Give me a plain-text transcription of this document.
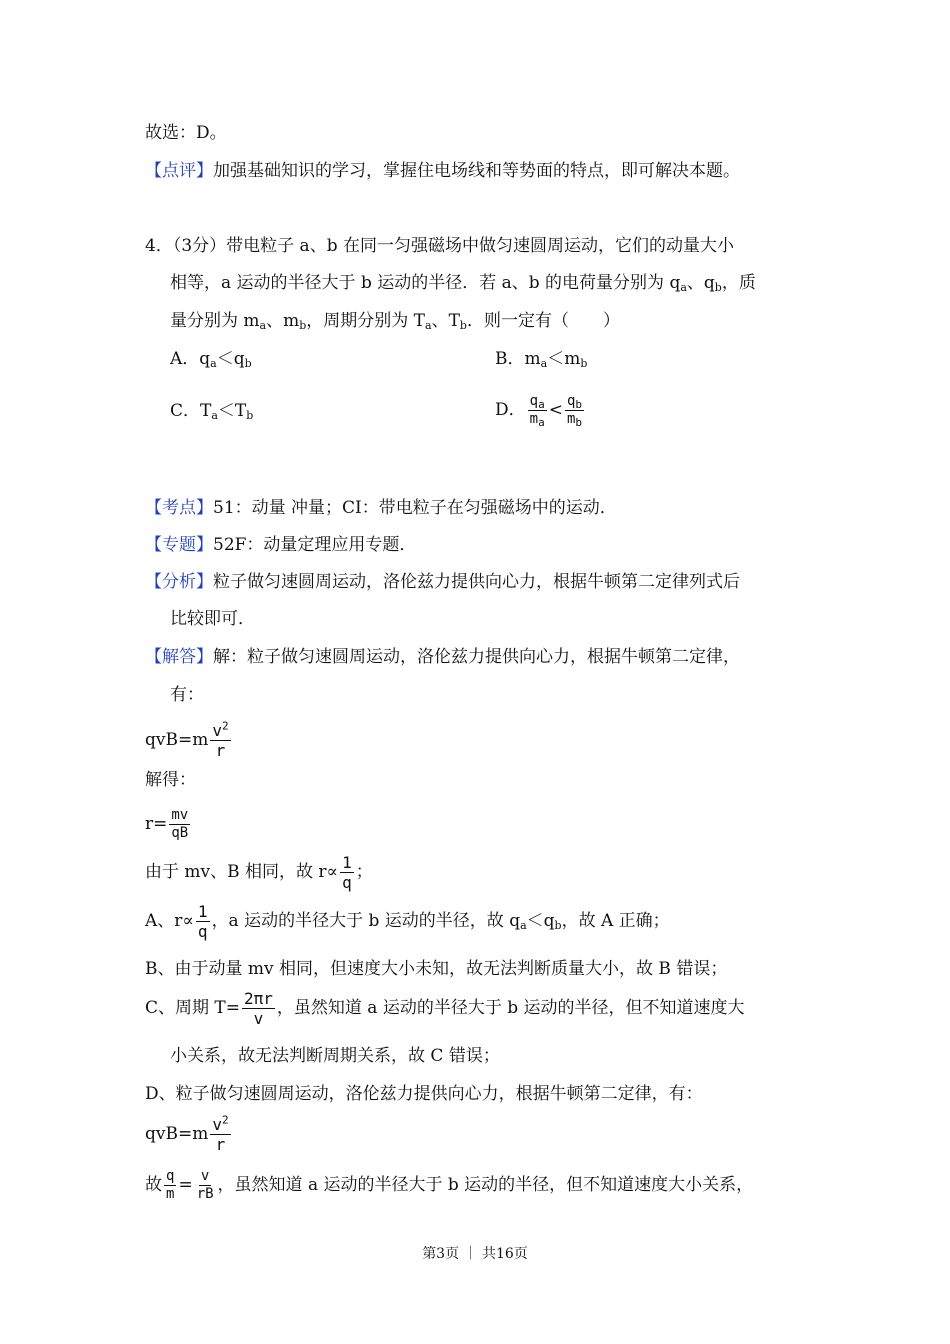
故选：D。
【点评】加强基础知识的学习，掌握住电场线和等势面的特点，即可解决本题。
4．（3分）带电粒子 a、b 在同一匀强磁场中做匀速圆周运动，它们的动量大小
相等，a 运动的半径大于 b 运动的半径．若 a、b 的电荷量分别为 $q_a$、$q_b$，质
量分别为 $m_a$、$m_b$，周期分别为 $T_a$、$T_b$．则一定有（　　）
A．$q_a<q_b$	B．$m_a<m_b$
C．$T_a<T_b$	D． $\frac{q_a}{m_a} < \frac{q_b}{m_b}$
【考点】51：动量 冲量；CI：带电粒子在匀强磁场中的运动．
【专题】52F：动量定理应用专题．
【分析】粒子做匀速圆周运动，洛伦兹力提供向心力，根据牛顿第二定律列式后
比较即可．
【解答】解：粒子做匀速圆周运动，洛伦兹力提供向心力，根据牛顿第二定律，
有：
$qvB=m \frac{v^2}{r}$
解得：
$r= \frac{mv}{qB}$
由于 mv、B 相同，故 $r\propto \frac{1}{q}$ ；
A、$r\propto \frac{1}{q}$ ，a 运动的半径大于 b 运动的半径，故 $q_a<q_b$，故 A 正确；
B、由于动量 mv 相同，但速度大小未知，故无法判断质量大小，故 B 错误；
C、周期 $T= \frac{2\pi r}{v}$ ，虽然知道 a 运动的半径大于 b 运动的半径，但不知道速度大
小关系，故无法判断周期关系，故 C 错误；
D、粒子做匀速圆周运动，洛伦兹力提供向心力，根据牛顿第二定律，有：
$qvB=m \frac{v^2}{r}$
故 $\frac{q}{m} = \frac{v}{rB}$ ，虽然知道 a 运动的半径大于 b 运动的半径，但不知道速度大小关系，
第3页 ｜ 共16页
